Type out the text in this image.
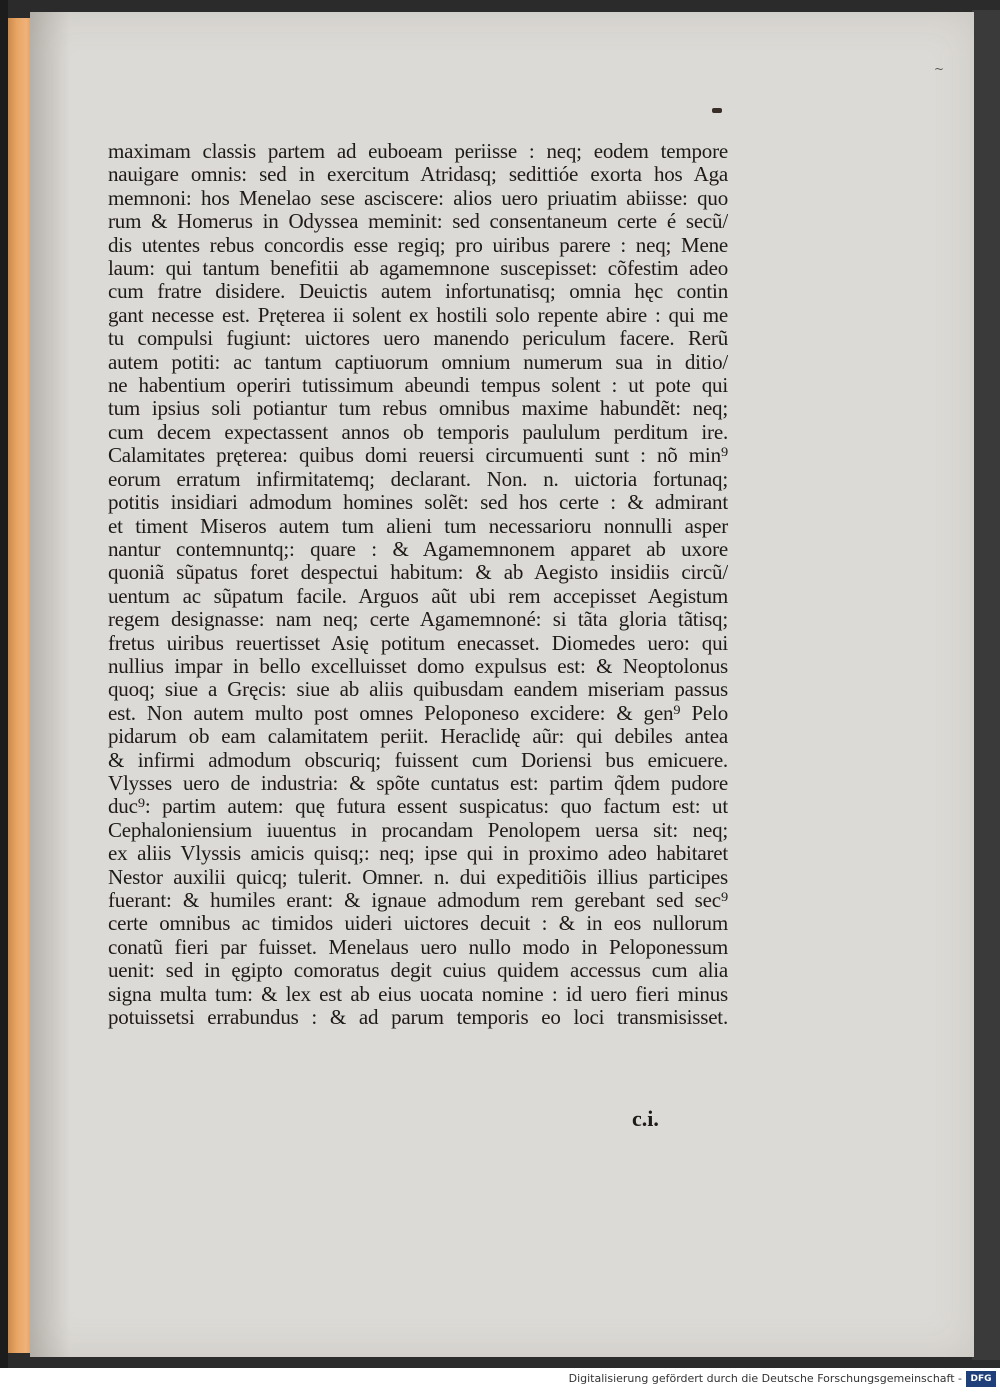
~
maximam classis partem ad euboeam periisse : neq; eodem tempore
nauigare omnis: sed in exercitum Atridasq; sedittióe exorta hos Aga
memnoni: hos Menelao sese asciscere: alios uero priuatim abiisse: quo
rum & Homerus in Odyssea meminit: sed consentaneum certe é secũ/
dis utentes rebus concordis esse regiq; pro uiribus parere : neq; Mene
laum: qui tantum benefitii ab agamemnone suscepisset: cõfestim adeo
cum fratre disidere. Deuictis autem infortunatisq; omnia hęc contin
gant necesse est. Pręterea ii solent ex hostili solo repente abire : qui me
tu compulsi fugiunt: uictores uero manendo periculum facere. Rerũ
autem potiti: ac tantum captiuorum omnium numerum sua in ditio/
ne habentium operiri tutissimum abeundi tempus solent : ut pote qui
tum ipsius soli potiantur tum rebus omnibus maxime habundẽt: neq;
cum decem expectassent annos ob temporis paululum perditum ire.
Calamitates pręterea: quibus domi reuersi circumuenti sunt : nõ min⁹
eorum erratum infirmitatemq; declarant. Non. n. uictoria fortunaq;
potitis insidiari admodum homines solẽt: sed hos certe : & admirant
et timent Miseros autem tum alieni tum necessarioru nonnulli asper
nantur contemnuntq;: quare : & Agamemnonem apparet ab uxore
quoniã sũpatus foret despectui habitum: & ab Aegisto insidiis circũ/
uentum ac sũpatum facile. Arguos aũt ubi rem accepisset Aegistum
regem designasse: nam neq; certe Agamemnoné: si tãta gloria tãtisq;
fretus uiribus reuertisset Asię potitum enecasset. Diomedes uero: qui
nullius impar in bello excelluisset domo expulsus est: & Neoptolonus
quoq; siue a Gręcis: siue ab aliis quibusdam eandem miseriam passus
est. Non autem multo post omnes Peloponeso excidere: & gen⁹ Pelo
pidarum ob eam calamitatem periit. Heraclidę aũr: qui debiles antea
& infirmi admodum obscuriq; fuissent cum Doriensi bus emicuere.
Vlysses uero de industria: & spõte cuntatus est: partim q̃dem pudore
duc⁹: partim autem: quę futura essent suspicatus: quo factum est: ut
Cephaloniensium iuuentus in procandam Penolopem uersa sit: neq;
ex aliis Vlyssis amicis quisq;: neq; ipse qui in proximo adeo habitaret
Nestor auxilii quicq; tulerit. Omner. n. dui expeditiõis illius participes
fuerant: & humiles erant: & ignaue admodum rem gerebant sed sec⁹
certe omnibus ac timidos uideri uictores decuit : & in eos nullorum
conatũ fieri par fuisset. Menelaus uero nullo modo in Peloponessum
uenit: sed in ęgipto comoratus degit cuius quidem accessus cum alia
signa multa tum: & lex est ab eius uocata nomine : id uero fieri minus
potuissetsi errabundus : & ad parum temporis eo loci transmisisset.
c.i.
Digitalisierung gefördert durch die Deutsche Forschungsgemeinschaft - DFG
